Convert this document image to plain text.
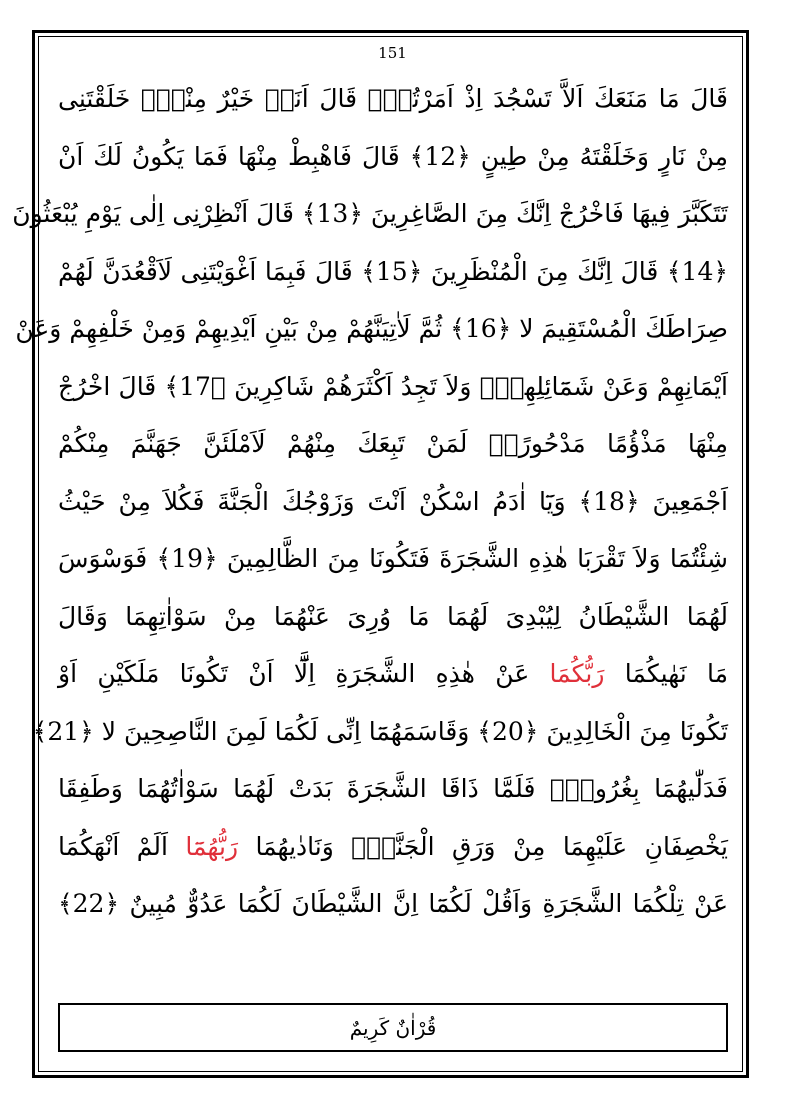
151
قَالَ مَا مَنَعَكَ اَلاَّ تَسْجُدَ اِذْ اَمَرْتُكَۜ قَالَ اَنَاۛ خَيْرٌ مِنْهُۚ خَلَقْتَنِى
مِنْ نَارٍ وَخَلَقْتَهُ مِنْ طِينٍ ﴿12﴾ قَالَ فَاهْبِطْ مِنْهَا فَمَا يَكُونُ لَكَ اَنْ
تَتَكَبَّرَ فِيهَا فَاخْرُجْ اِنَّكَ مِنَ الصَّاغِرِينَ ﴿13﴾ قَالَ اَنْظِرْنِى اِلٰى يَوْمِ يُبْعَثُونَ
﴿14﴾ قَالَ اِنَّكَ مِنَ الْمُنْظَرِينَ ﴿15﴾ قَالَ فَبِمَا اَغْوَيْتَنِى لَاَقْعُدَنَّ لَهُمْ
صِرَاطَكَ الْمُسْتَقِيمَ ﻻ ﴿16﴾ ثُمَّ لَاٰتِيَنَّهُمْ مِنْ بَيْنِ اَيْدِيهِمْ وَمِنْ خَلْفِهِمْ وَعَنْ
اَيْمَانِهِمْ وَعَنْ شَمَٓائِلِهِمْۜ وَلاَ تَجِدُ اَكْثَرَهُمْ شَاكِرِينَ ﴿17﴾ قَالَ اخْرُجْ
مِنْهَا مَذْؤُمًا مَدْحُورًاۜ لَمَنْ تَبِعَكَ مِنْهُمْ لَاَمْلَئَنَّ جَهَنَّمَ مِنْكُمْ
اَجْمَعِينَ ﴿18﴾ وَيَٓا اٰدَمُ اسْكُنْ اَنْتَ وَزَوْجُكَ الْجَنَّةَ فَكُلاَ مِنْ حَيْثُ
شِئْتُمَا وَلاَ تَقْرَبَا هٰذِهِ الشَّجَرَةَ فَتَكُونَا مِنَ الظَّالِمِينَ ﴿19﴾ فَوَسْوَسَ
لَهُمَا الشَّيْطَانُ لِيُبْدِىَ لَهُمَا مَا وُرِىَ عَنْهُمَا مِنْ سَوْاٰتِهِمَا وَقَالَ
مَا نَهٰيكُمَا رَبُّكُمَا عَنْ هٰذِهِ الشَّجَرَةِ اِلَّٓا اَنْ تَكُونَا مَلَكَيْنِ اَوْ
تَكُونَا مِنَ الْخَالِدِينَ ﴿20﴾ وَقَاسَمَهُمَٓا اِنِّى لَكُمَا لَمِنَ النَّاصِحِينَ ﻻ ﴿21﴾
فَدَلّٰيهُمَا بِغُرُورٍۚ فَلَمَّا ذَاقَا الشَّجَرَةَ بَدَتْ لَهُمَا سَوْاٰتُهُمَا وَطَفِقَا
يَخْصِفَانِ عَلَيْهِمَا مِنْ وَرَقِ الْجَنَّةِۜ وَنَادٰيهُمَا رَبُّهُمَٓا اَلَمْ اَنْهَكُمَا
عَنْ تِلْكُمَا الشَّجَرَةِ وَاَقُلْ لَكُمَٓا اِنَّ الشَّيْطَانَ لَكُمَا عَدُوٌّ مُبِينٌ ﴿22﴾
قُرْاٰنٌ كَرِيمٌ
